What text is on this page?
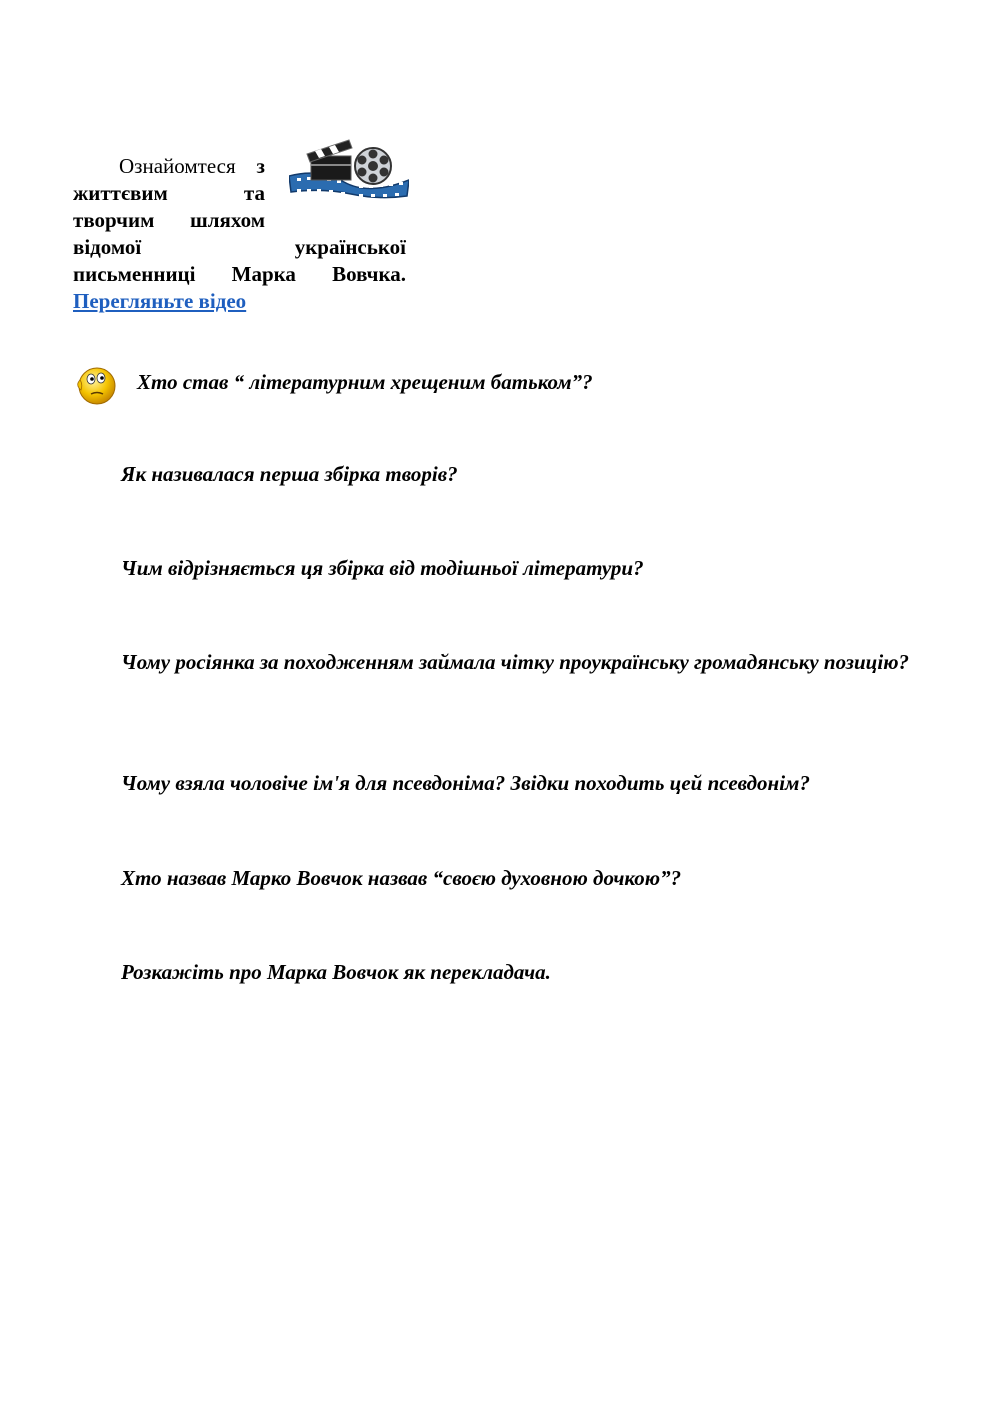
Ознайомтеся з
життєвим	та
творчим шляхом
відомої	української
письменниці Марка Вовчка.
Перегляньте відео
Хто став “ літературним хрещеним батьком”?
Як називалася перша збірка творів?
Чим відрізняється ця збірка від тодішньої літератури?
Чому росіянка за походженням займала чітку проукраїнську громадянську позицію?
Чому взяла чоловіче ім'я для псевдоніма? Звідки походить цей псевдонім?
Хто назвав Марко Вовчок назвав “своєю духовною дочкою”?
Розкажіть про Марка Вовчок як перекладача.
